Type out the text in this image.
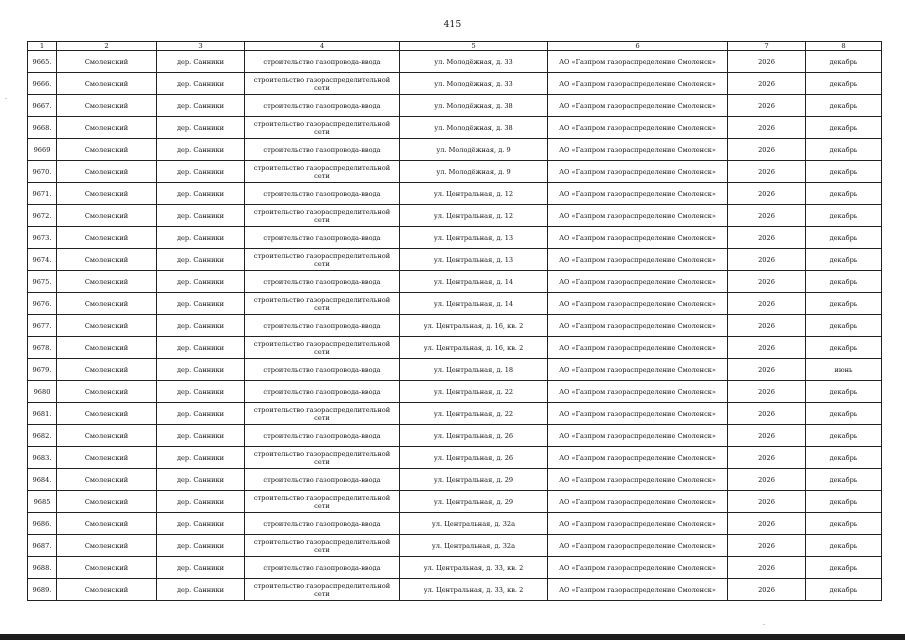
415
1	2	3	4	5	6	7	8
9665.	Смоленский	дер. Санники	строительство газопровода-ввода	ул. Молодёжная, д. 33	АО «Газпром газораспределение Смоленск»	2026	декабрь
9666.	Смоленский	дер. Санники	строительство газораспределительной сети	ул. Молодёжная, д. 33	АО «Газпром газораспределение Смоленск»	2026	декабрь
9667.	Смоленский	дер. Санники	строительство газопровода-ввода	ул. Молодёжная, д. 38	АО «Газпром газораспределение Смоленск»	2026	декабрь
9668.	Смоленский	дер. Санники	строительство газораспределительной сети	ул. Молодёжная, д. 38	АО «Газпром газораспределение Смоленск»	2026	декабрь
9669	Смоленский	дер. Санники	строительство газопровода-ввода	ул. Молодёжная, д. 9	АО «Газпром газораспределение Смоленск»	2026	декабрь
9670.	Смоленский	дер. Санники	строительство газораспределительной сети	ул. Молодёжная, д. 9	АО «Газпром газораспределение Смоленск»	2026	декабрь
9671.	Смоленский	дер. Санники	строительство газопровода-ввода	ул. Центральная, д. 12	АО «Газпром газораспределение Смоленск»	2026	декабрь
9672.	Смоленский	дер. Санники	строительство газораспределительной сети	ул. Центральная, д. 12	АО «Газпром газораспределение Смоленск»	2026	декабрь
9673.	Смоленский	дер. Санники	строительство газопровода-ввода	ул. Центральная, д. 13	АО «Газпром газораспределение Смоленск»	2026	декабрь
9674.	Смоленский	дер. Санники	строительство газораспределительной сети	ул. Центральная, д. 13	АО «Газпром газораспределение Смоленск»	2026	декабрь
9675.	Смоленский	дер. Санники	строительство газопровода-ввода	ул. Центральная, д. 14	АО «Газпром газораспределение Смоленск»	2026	декабрь
9676.	Смоленский	дер. Санники	строительство газораспределительной сети	ул. Центральная, д. 14	АО «Газпром газораспределение Смоленск»	2026	декабрь
9677.	Смоленский	дер. Санники	строительство газопровода-ввода	ул. Центральная, д. 16, кв. 2	АО «Газпром газораспределение Смоленск»	2026	декабрь
9678.	Смоленский	дер. Санники	строительство газораспределительной сети	ул. Центральная, д. 16, кв. 2	АО «Газпром газораспределение Смоленск»	2026	декабрь
9679.	Смоленский	дер. Санники	строительство газопровода-ввода	ул. Центральная, д. 18	АО «Газпром газораспределение Смоленск»	2026	июнь
9680	Смоленский	дер. Санники	строительство газопровода-ввода	ул. Центральная, д. 22	АО «Газпром газораспределение Смоленск»	2026	декабрь
9681.	Смоленский	дер. Санники	строительство газораспределительной сети	ул. Центральная, д. 22	АО «Газпром газораспределение Смоленск»	2026	декабрь
9682.	Смоленский	дер. Санники	строительство газопровода-ввода	ул. Центральная, д. 26	АО «Газпром газораспределение Смоленск»	2026	декабрь
9683.	Смоленский	дер. Санники	строительство газораспределительной сети	ул. Центральная, д. 26	АО «Газпром газораспределение Смоленск»	2026	декабрь
9684.	Смоленский	дер. Санники	строительство газопровода-ввода	ул. Центральная, д. 29	АО «Газпром газораспределение Смоленск»	2026	декабрь
9685	Смоленский	дер. Санники	строительство газораспределительной сети	ул. Центральная, д. 29	АО «Газпром газораспределение Смоленск»	2026	декабрь
9686.	Смоленский	дер. Санники	строительство газопровода-ввода	ул. Центральная, д. 32а	АО «Газпром газораспределение Смоленск»	2026	декабрь
9687.	Смоленский	дер. Санники	строительство газораспределительной сети	ул. Центральная, д. 32а	АО «Газпром газораспределение Смоленск»	2026	декабрь
9688.	Смоленский	дер. Санники	строительство газопровода-ввода	ул. Центральная, д. 33, кв. 2	АО «Газпром газораспределение Смоленск»	2026	декабрь
9689.	Смоленский	дер. Санники	строительство газораспределительной сети	ул. Центральная, д. 33, кв. 2	АО «Газпром газораспределение Смоленск»	2026	декабрь
·
·
